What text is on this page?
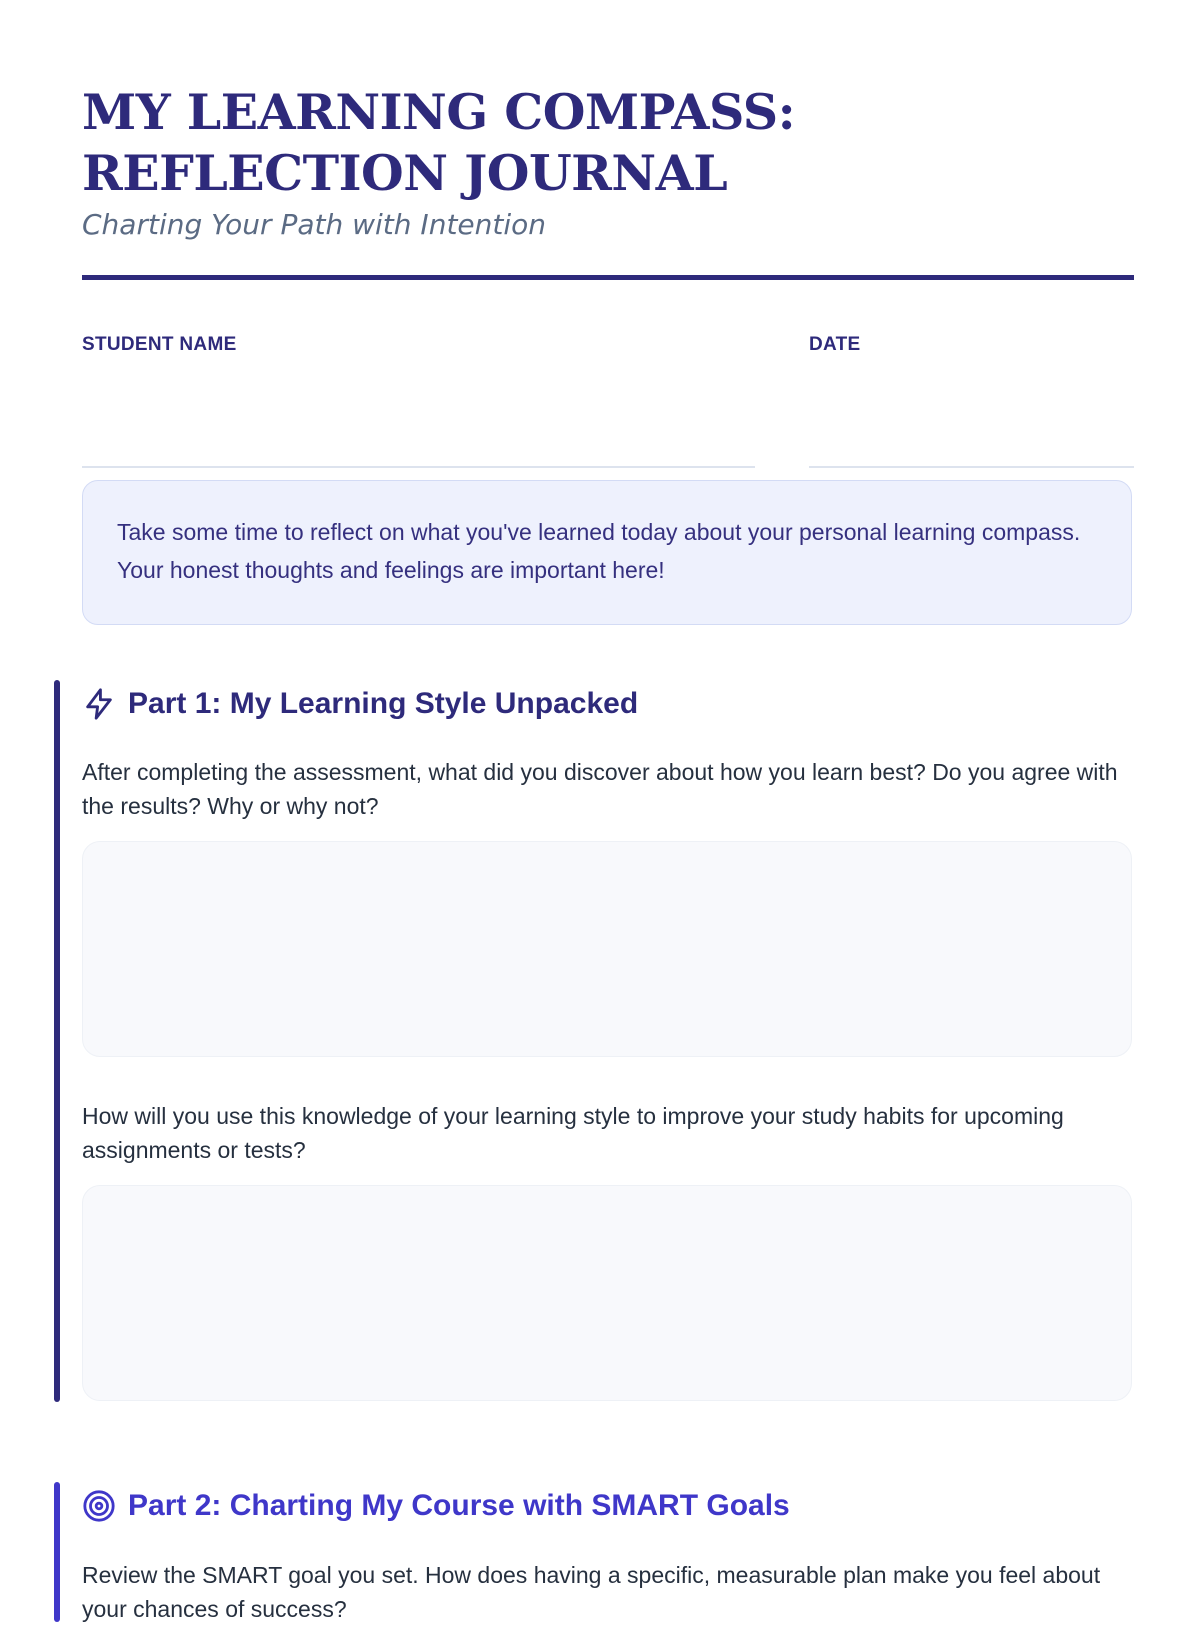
MY LEARNING COMPASS: REFLECTION JOURNAL

Charting Your Path with Intention

STUDENT NAME	DATE

Take some time to reflect on what you've learned today about your personal learning compass. Your honest thoughts and feelings are important here!

Part 1: My Learning Style Unpacked

After completing the assessment, what did you discover about how you learn best? Do you agree with the results? Why or why not?

How will you use this knowledge of your learning style to improve your study habits for upcoming assignments or tests?

Part 2: Charting My Course with SMART Goals

Review the SMART goal you set. How does having a specific, measurable plan make you feel about your chances of success?
